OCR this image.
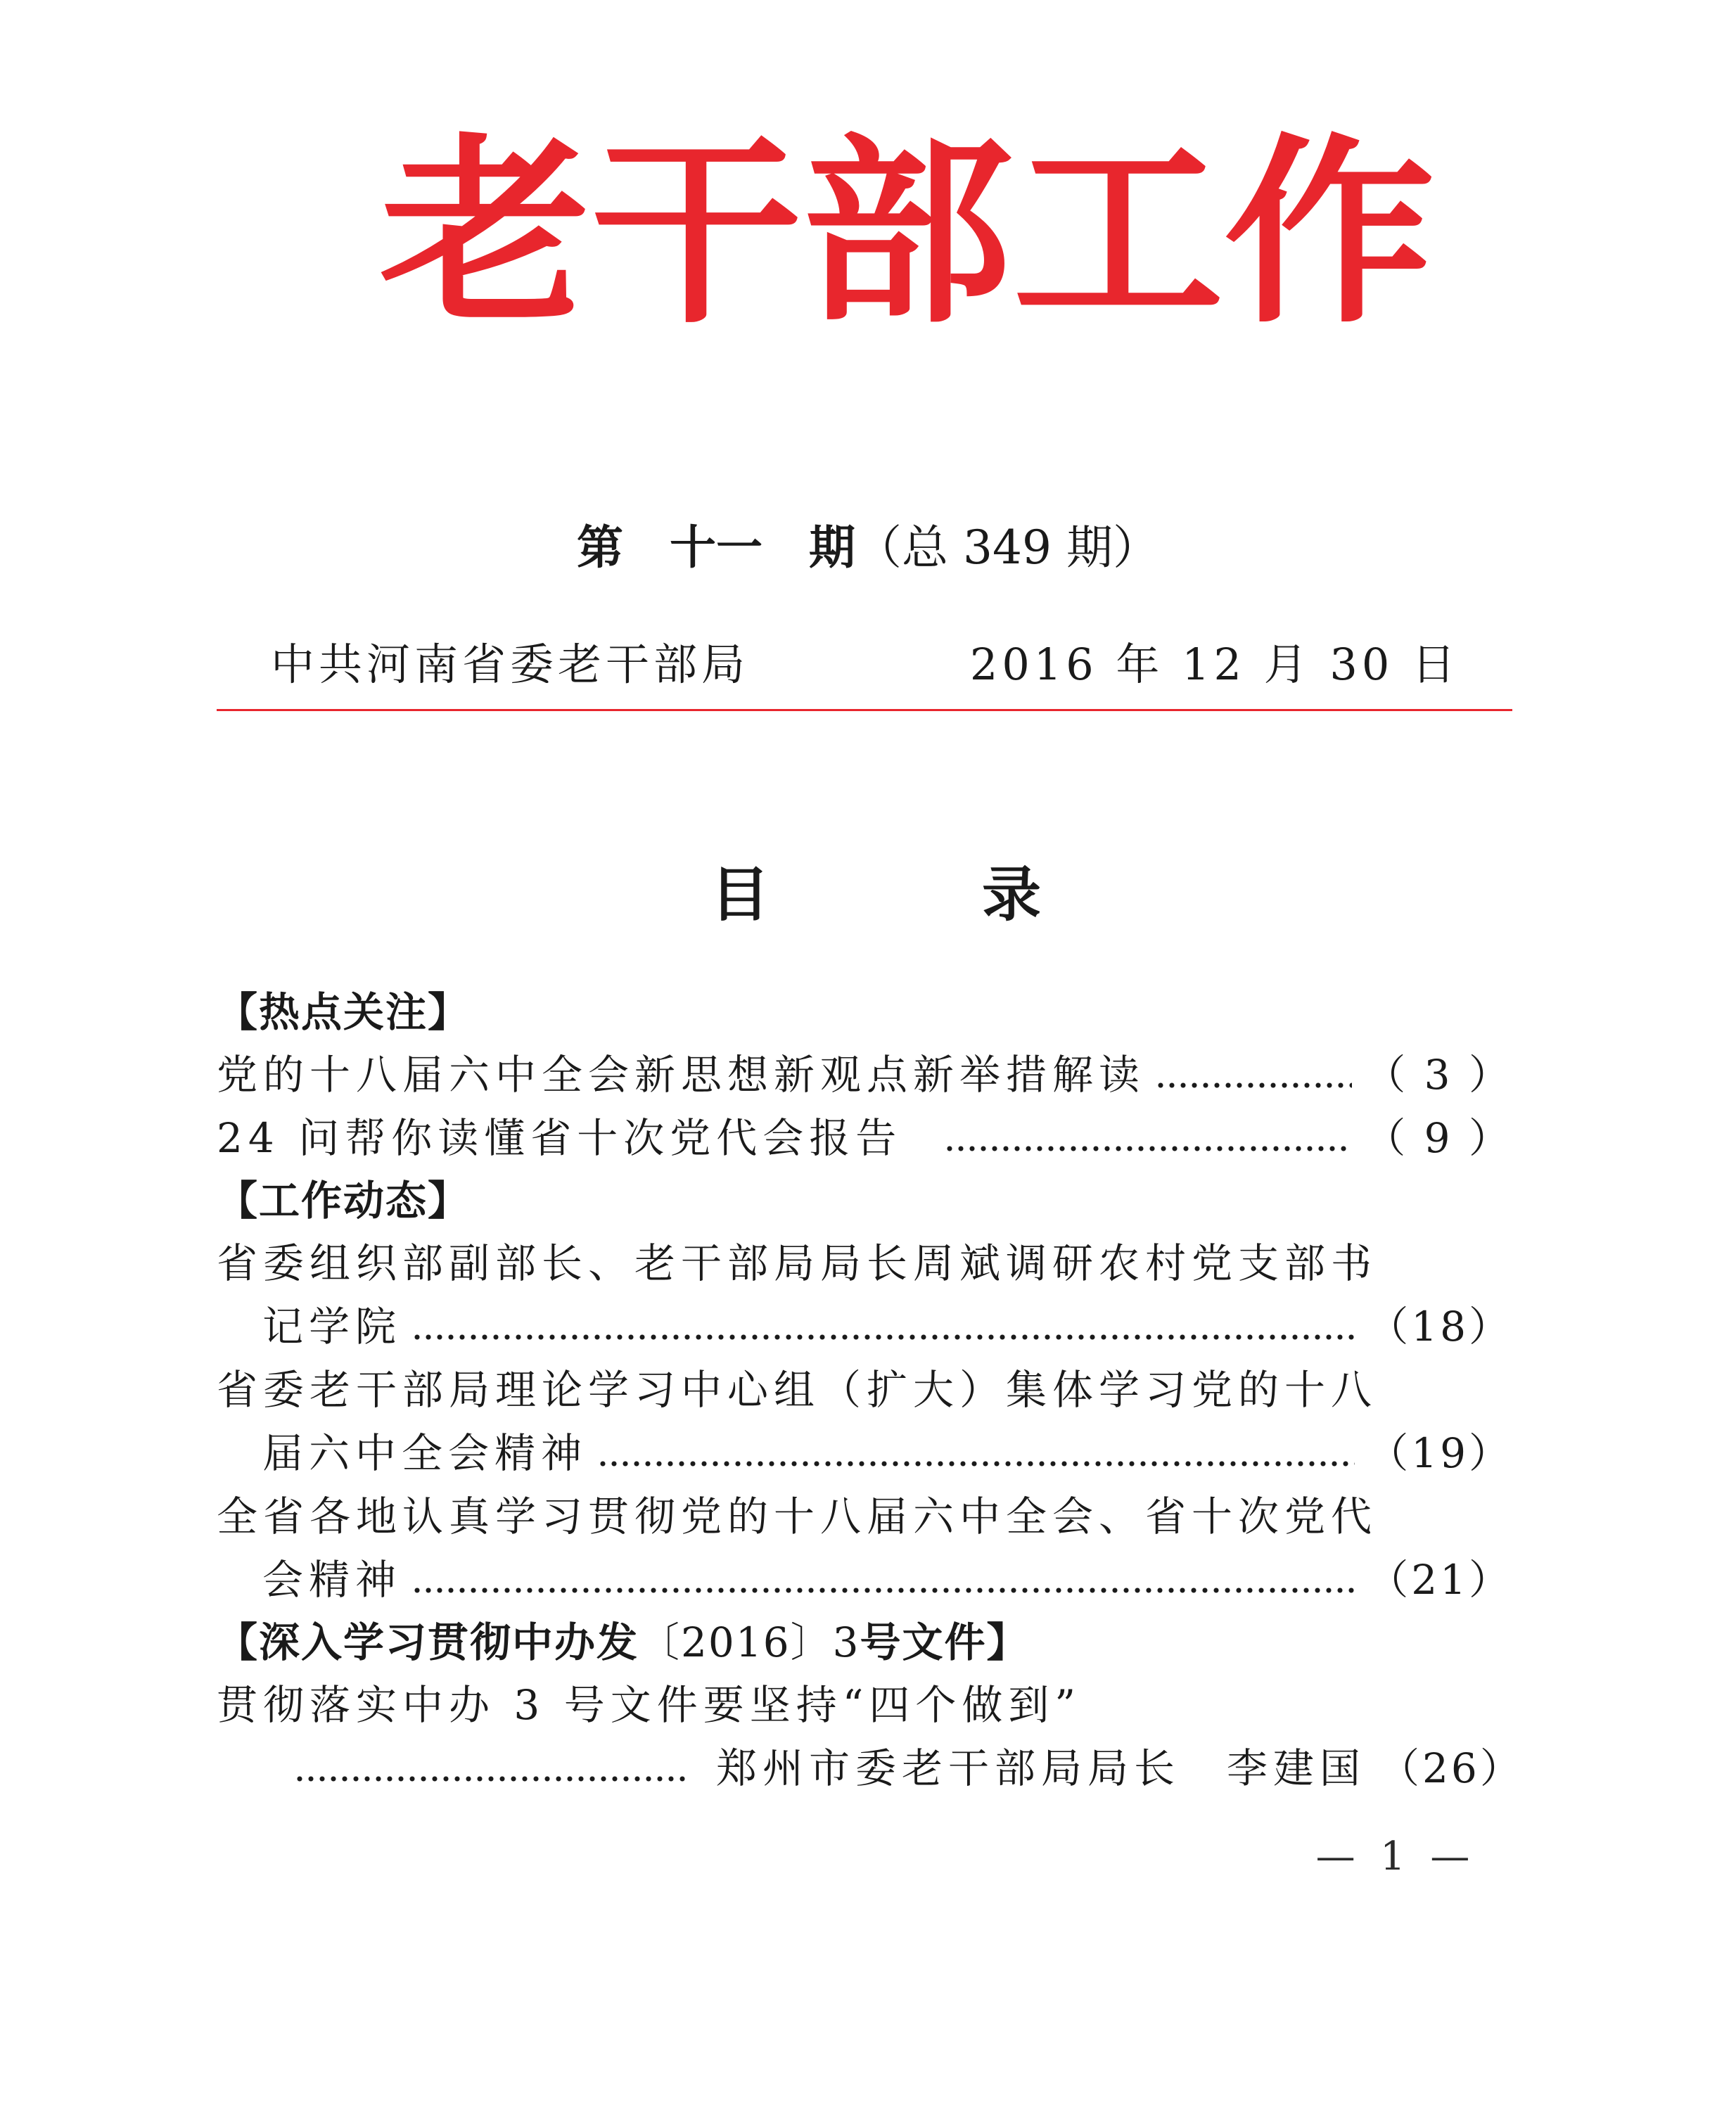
老 干 部 工 作
第　 十一　 期（总 349 期）
中共河南省委老干部局	2016 年 12 月 30 日
目	录
【热点关注】
党的十八届六中全会新思想新观点新举措解读	（ 3 ）
24 问帮你读懂省十次党代会报告	（ 9 ）
【工作动态】
省委组织部副部长、老干部局局长周斌调研农村党支部书
记学院	（18）
省委老干部局理论学习中心组（扩大）集体学习党的十八
届六中全会精神	（19）
全省各地认真学习贯彻党的十八届六中全会、省十次党代
会精神	（21）
【深入学习贯彻中办发〔2016〕3号文件】
贯彻落实中办 3 号文件要坚持“四个做到”
郑州市委老干部局局长　李建国 （26）
—  1  —
